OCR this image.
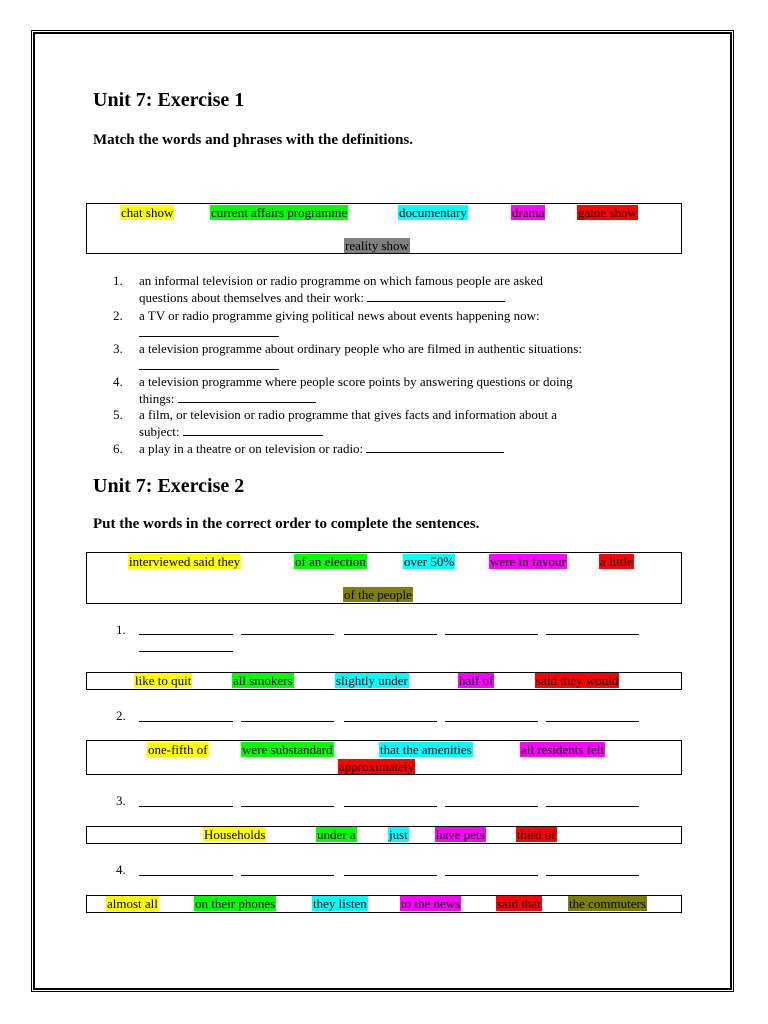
Unit 7: Exercise 1
Match the words and phrases with the definitions.
chat show	current affairs programme	documentary	drama	game show
reality show
1.	an informal television or radio programme on which famous people are asked
questions about themselves and their work:
2.	a TV or radio programme giving political news about events happening now:
3.	a television programme about ordinary people who are filmed in authentic situations:
4.	a television programme where people score points by answering questions or doing
things:
5.	a film, or television or radio programme that gives facts and information about a
subject:
6.	a play in a theatre or on television or radio:
Unit 7: Exercise 2
Put the words in the correct order to complete the sentences.
interviewed said they	of an election	over 50%	were in favour	a little
of the people
1.
like to quit	all smokers	slightly under	half of	said they would
2.
one-fifth of	were substandard	that the amenities	all residents felt
approximately
3.
Households	under a	just have pets third of
4.
almost all	on their phones	they listen	to the news	said that the commuters
